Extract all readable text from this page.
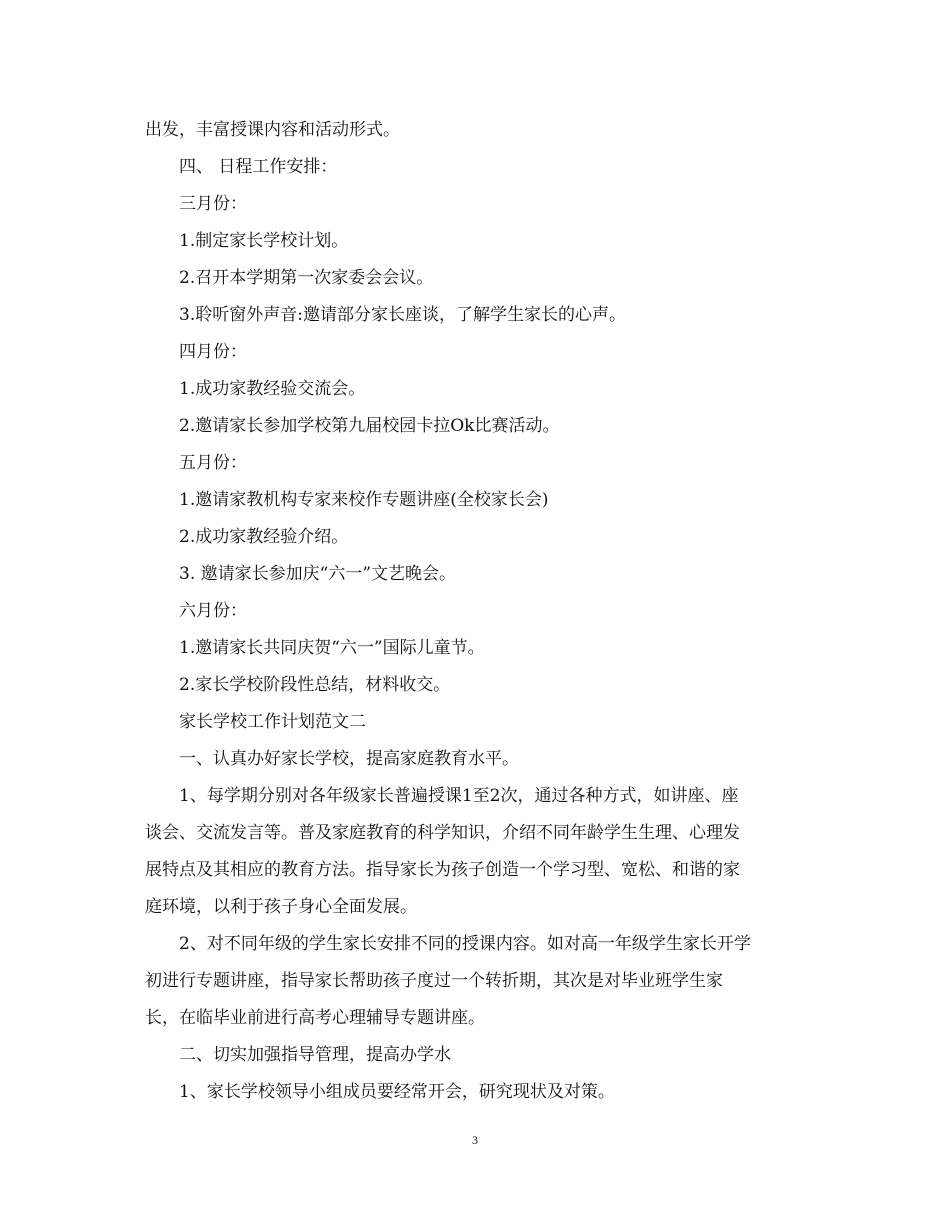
出发，丰富授课内容和活动形式。
四、 日程工作安排：
三月份：
1.制定家长学校计划。
2.召开本学期第一次家委会会议。
3.聆听窗外声音:邀请部分家长座谈，了解学生家长的心声。
四月份：
1.成功家教经验交流会。
2.邀请家长参加学校第九届校园卡拉Ok比赛活动。
五月份：
1.邀请家教机构专家来校作专题讲座(全校家长会)
2.成功家教经验介绍。
3. 邀请家长参加庆“六一”文艺晚会。
六月份：
1.邀请家长共同庆贺“六一”国际儿童节。
2.家长学校阶段性总结，材料收交。
家长学校工作计划范文二
一、认真办好家长学校，提高家庭教育水平。
1、每学期分别对各年级家长普遍授课1至2次，通过各种方式，如讲座、座
谈会、交流发言等。普及家庭教育的科学知识，介绍不同年龄学生生理、心理发
展特点及其相应的教育方法。指导家长为孩子创造一个学习型、宽松、和谐的家
庭环境，以利于孩子身心全面发展。
2、对不同年级的学生家长安排不同的授课内容。如对高一年级学生家长开学
初进行专题讲座，指导家长帮助孩子度过一个转折期，其次是对毕业班学生家
长，在临毕业前进行高考心理辅导专题讲座。
二、切实加强指导管理，提高办学水
1、家长学校领导小组成员要经常开会，研究现状及对策。
3
